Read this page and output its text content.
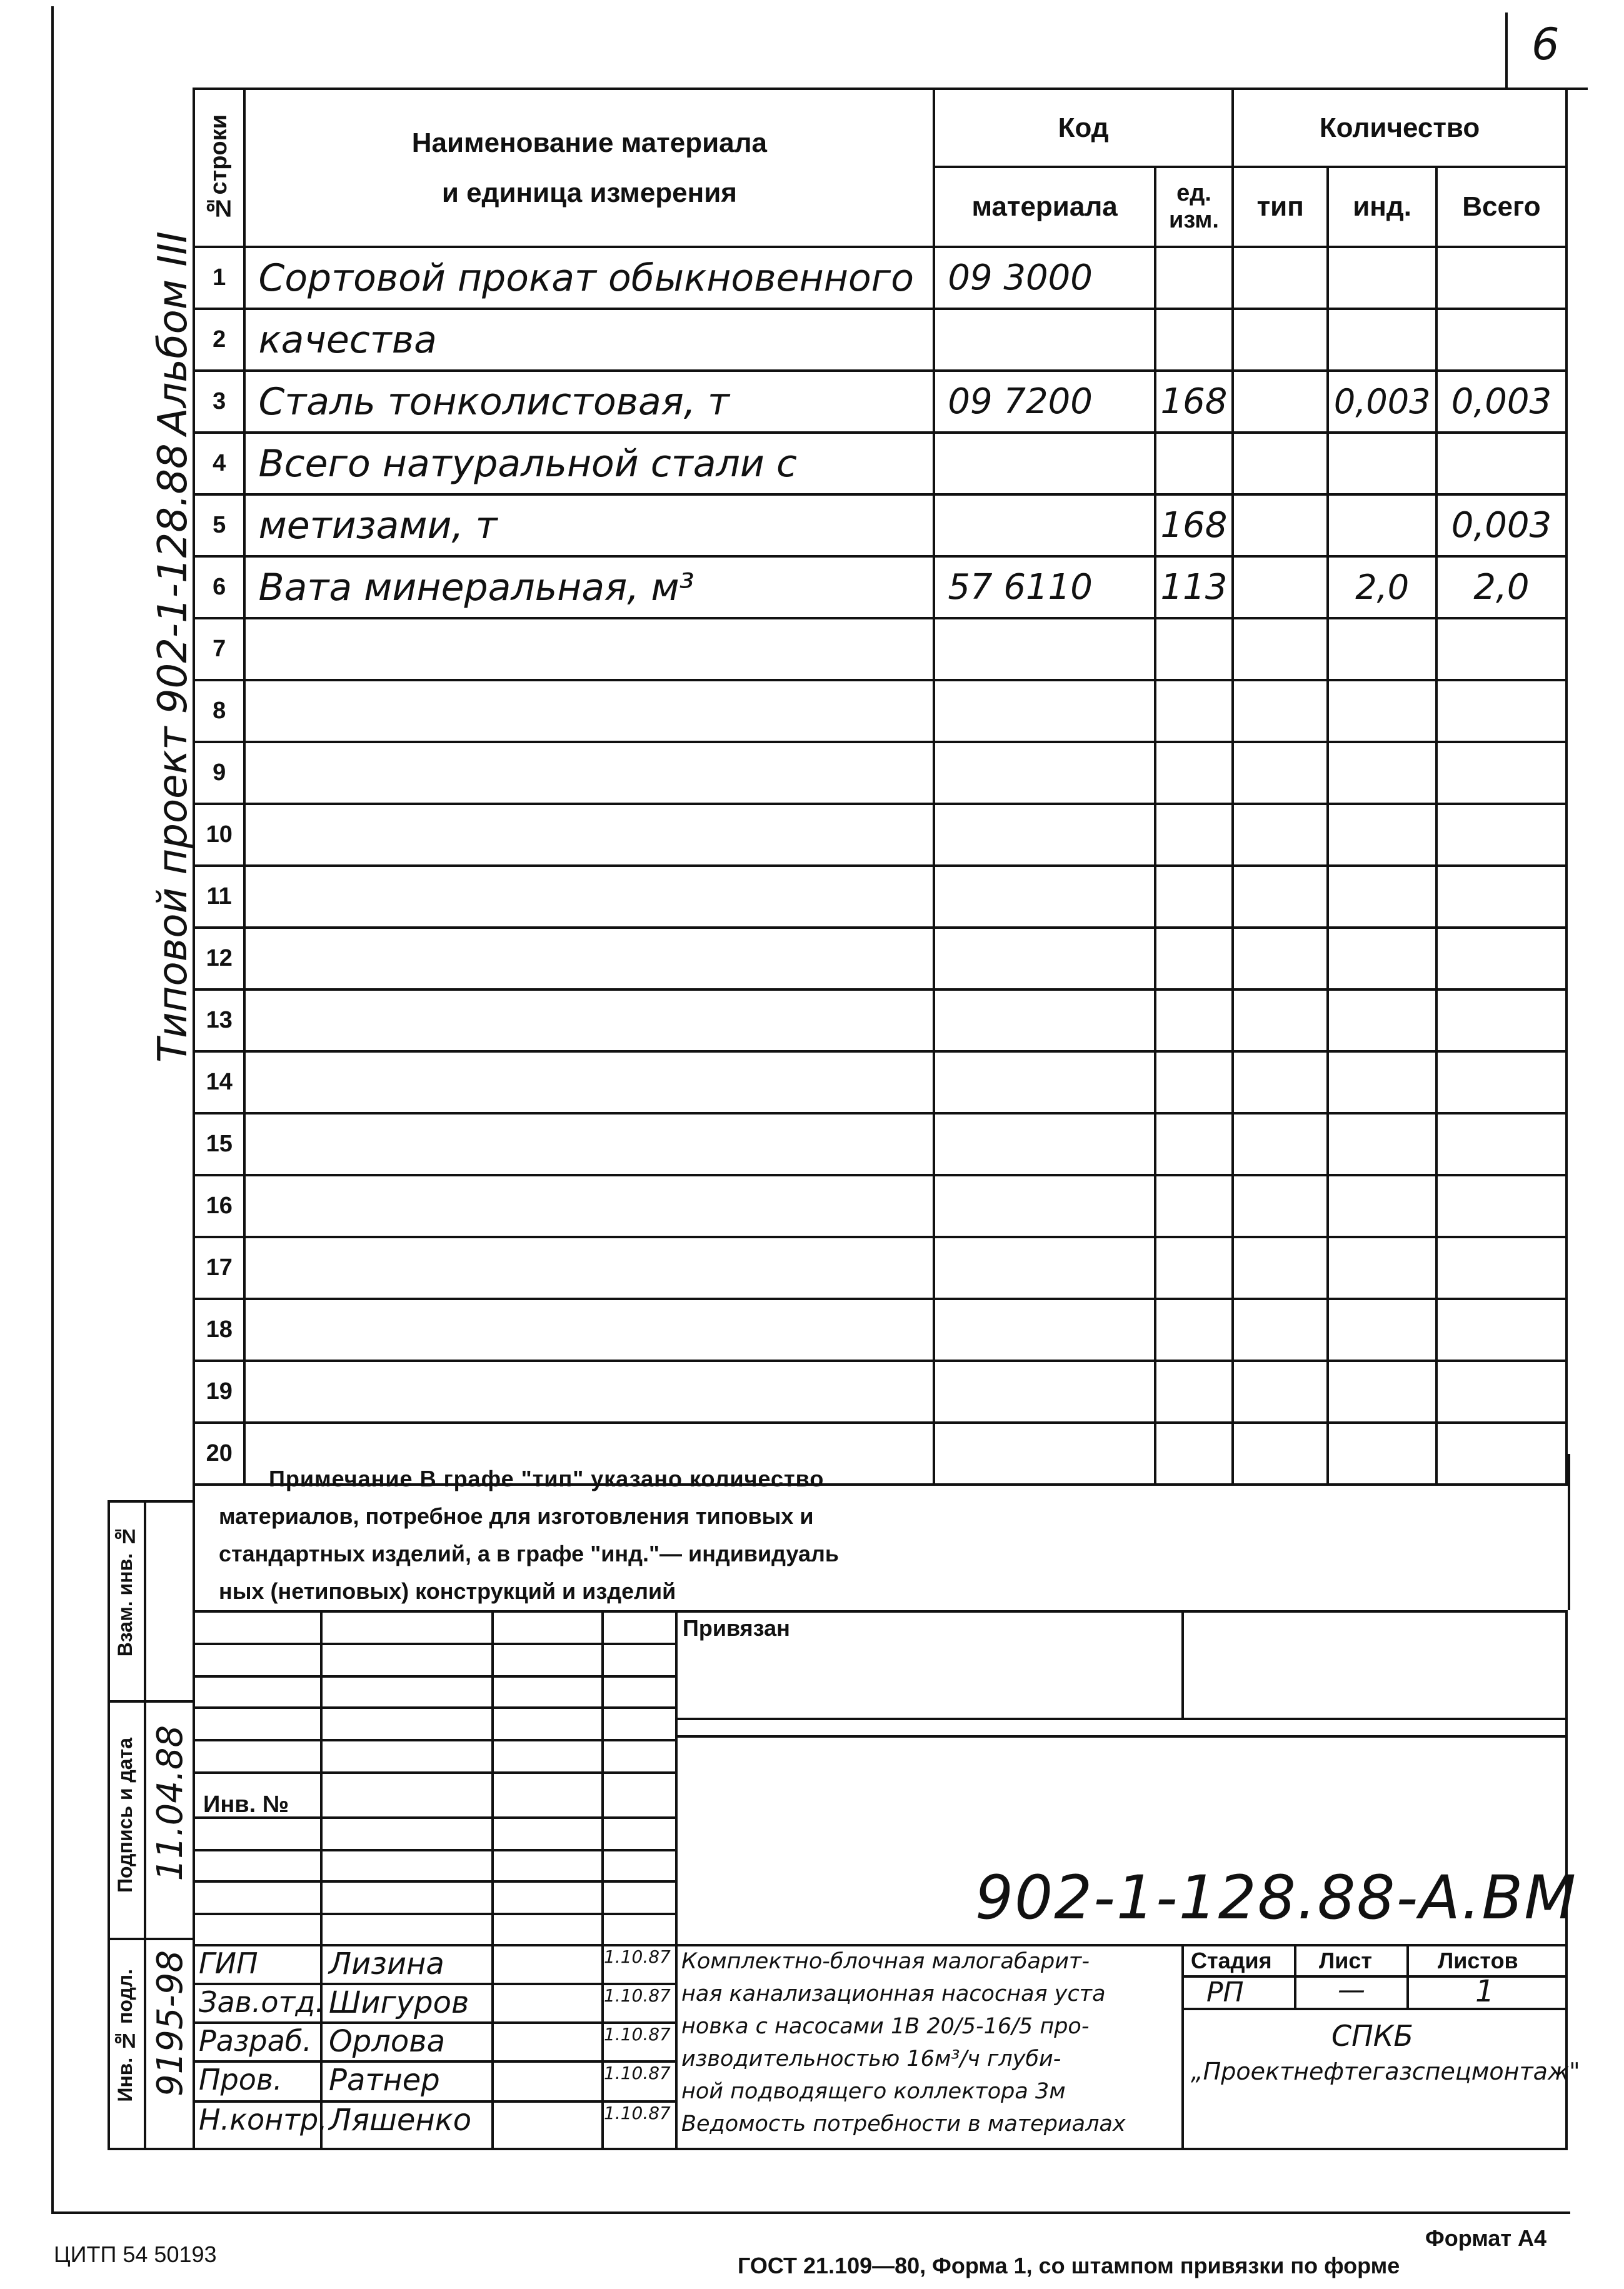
6
Альбом III
Типовой проект 902-1-128.88
№строки	Наименование материала
и единица измерения	Код		Количество		
		материала	ед. изм.	тип	инд.	Всего
1	Сортовой прокат обыкновенного	09 3000				
2	качества					
3	Сталь тонколистовая, т	09 7200	168		0,003	0,003
4	Всего натуральной стали с					
5	метизами, т		168			0,003
6	Вата минеральная, м³	57 6110	113		2,0	2,0
7						
8						
9						
10						
11						
12						
13						
14						
15						
16						
17						
18						
19						
20						
Примечание В графе "тип" указано количество
материалов, потребное для изготовления типовых и
стандартных изделий, а в графе "инд."— индивидуаль
ных (нетиповых) конструкций и изделий
Взам. инв. №
Подпись и дата
Инв. № подл.
11.04.88
9195-98
Привязан
Инв. №
902-1-128.88-А.ВМ
ГИП Лизина	1.10.87
Зав.отд. Шигуров	1.10.87
Разраб. Орлова	1.10.87
Пров. Ратнер	1.10.87
Н.контр. Ляшенко	1.10.87
Комплектно-блочная малогабарит-
ная канализационная насосная уста
новка с насосами 1В 20/5-16/5 про-
изводительностью 16м³/ч глуби-
ной подводящего коллектора 3м
Ведомость потребности в материалах
Стадия Лист	Листов
РП	—	1
СПКБ
„Проектнефтегазспецмонтаж"
ЦИТП 54 50193
Формат А4
ГОСТ 21.109—80, Форма 1, со штампом привязки по форме
